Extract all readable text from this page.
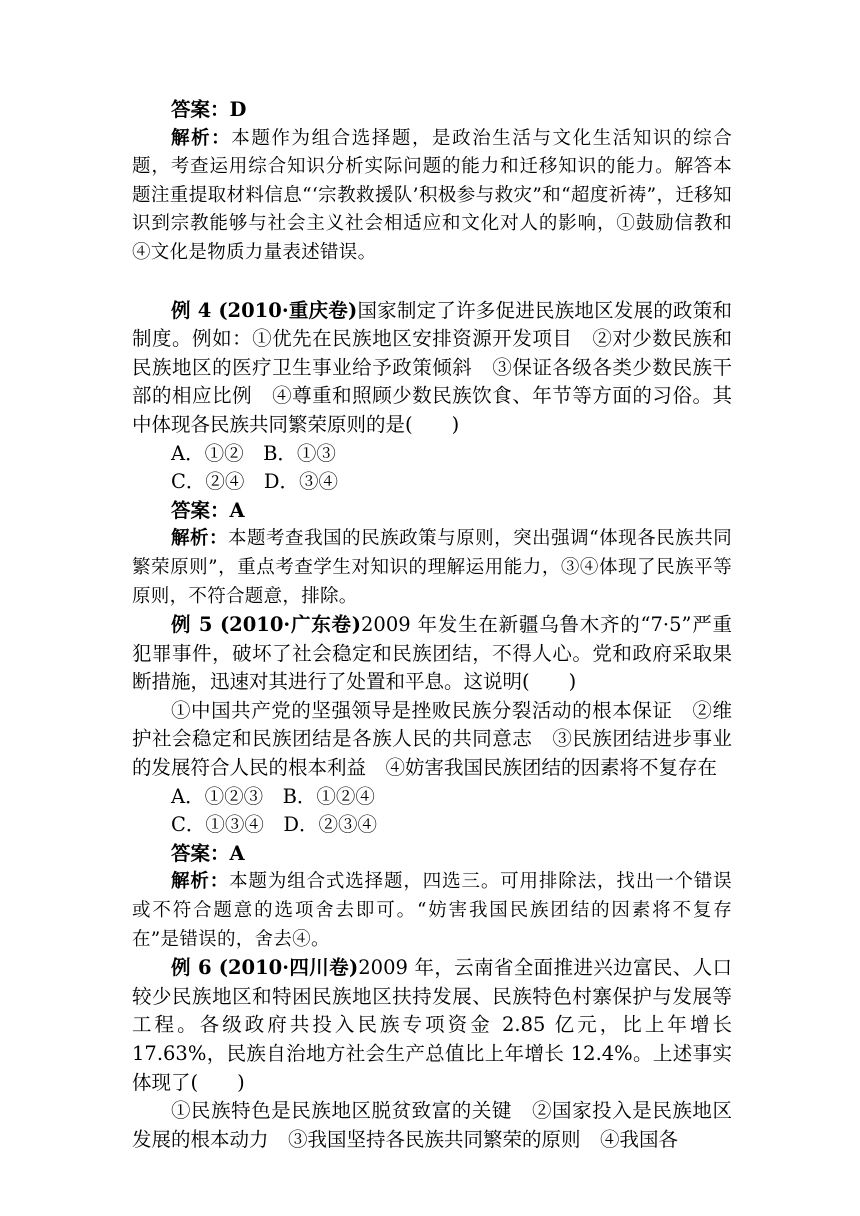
答案：D

解析：本题作为组合选择题，是政治生活与文化生活知识的综合题，考查运用综合知识分析实际问题的能力和迁移知识的能力。解答本题注重提取材料信息“‘宗教救援队’积极参与救灾”和“超度祈祷”，迁移知识到宗教能够与社会主义社会相适应和文化对人的影响，①鼓励信教和④文化是物质力量表述错误。

例 4 (2010·重庆卷)国家制定了许多促进民族地区发展的政策和制度。例如：①优先在民族地区安排资源开发项目　②对少数民族和民族地区的医疗卫生事业给予政策倾斜　③保证各级各类少数民族干部的相应比例　④尊重和照顾少数民族饮食、年节等方面的习俗。其中体现各民族共同繁荣原则的是(　　)

A．①②　B．①③

C．②④　D．③④

答案：A

解析：本题考查我国的民族政策与原则，突出强调“体现各民族共同繁荣原则”，重点考查学生对知识的理解运用能力，③④体现了民族平等原则，不符合题意，排除。

例 5 (2010·广东卷)2009 年发生在新疆乌鲁木齐的“7·5”严重犯罪事件，破坏了社会稳定和民族团结，不得人心。党和政府采取果断措施，迅速对其进行了处置和平息。这说明(　　)

①中国共产党的坚强领导是挫败民族分裂活动的根本保证　②维护社会稳定和民族团结是各族人民的共同意志　③民族团结进步事业的发展符合人民的根本利益　④妨害我国民族团结的因素将不复存在

A．①②③　B．①②④

C．①③④　D．②③④

答案：A

解析：本题为组合式选择题，四选三。可用排除法，找出一个错误或不符合题意的选项舍去即可。“妨害我国民族团结的因素将不复存在”是错误的，舍去④。

例 6 (2010·四川卷)2009 年，云南省全面推进兴边富民、人口较少民族地区和特困民族地区扶持发展、民族特色村寨保护与发展等工程。各级政府共投入民族专项资金 2.85 亿元，比上年增长 17.63%，民族自治地方社会生产总值比上年增长 12.4%。上述事实体现了(　　)

①民族特色是民族地区脱贫致富的关键　②国家投入是民族地区发展的根本动力　③我国坚持各民族共同繁荣的原则　④我国各
